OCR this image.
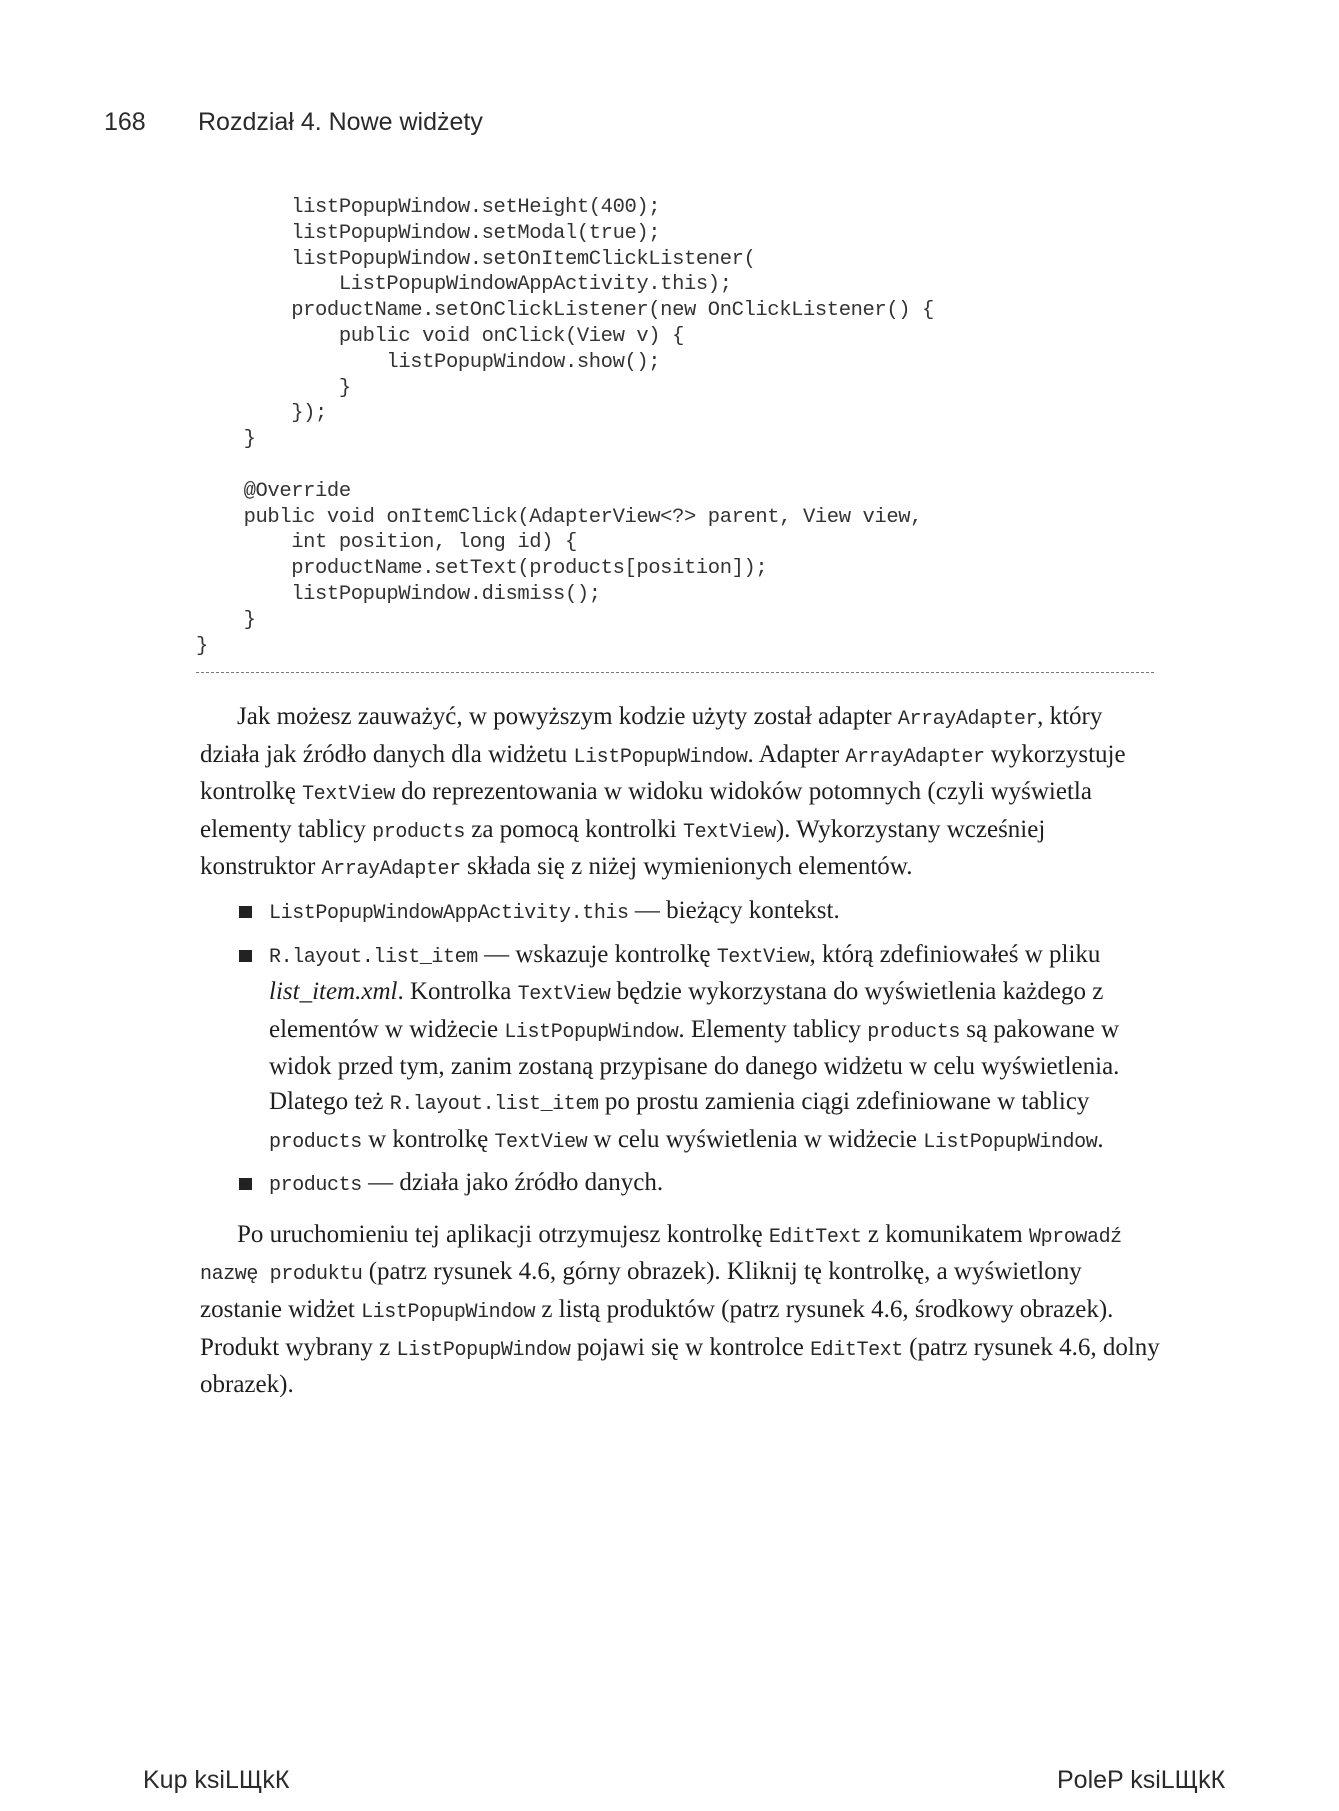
168 Rozdział 4. Nowe widżety
listPopupWindow.setHeight(400);
listPopupWindow.setModal(true);
listPopupWindow.setOnItemClickListener(
ListPopupWindowAppActivity.this);
productName.setOnClickListener(new OnClickListener() {
public void onClick(View v) {
listPopupWindow.show();
}
});
}
@Override
public void onItemClick(AdapterView<?> parent, View view,
int position, long id) {
productName.setText(products[position]);
listPopupWindow.dismiss();
}
}

Jak możesz zauważyć, w powyższym kodzie użyty został adapter ArrayAdapter, który działa jak źródło danych dla widżetu ListPopupWindow. Adapter ArrayAdapter wykorzystuje kontrolkę TextView do reprezentowania w widoku widoków potomnych (czyli wyświetla elementy tablicy products za pomocą kontrolki TextView). Wykorzystany wcześniej konstruktor ArrayAdapter składa się z niżej wymienionych elementów.

ListPopupWindowAppActivity.this — bieżący kontekst.
R.layout.list_item — wskazuje kontrolkę TextView, którą zdefiniowałeś w pliku list_item.xml. Kontrolka TextView będzie wykorzystana do wyświetlenia każdego z elementów w widżecie ListPopupWindow. Elementy tablicy products są pakowane w widok przed tym, zanim zostaną przypisane do danego widżetu w celu wyświetlenia. Dlatego też R.layout.list_item po prostu zamienia ciągi zdefiniowane w tablicy products w kontrolkę TextView w celu wyświetlenia w widżecie ListPopupWindow.
products — działa jako źródło danych.

Po uruchomieniu tej aplikacji otrzymujesz kontrolkę EditText z komunikatem Wprowadź nazwę produktu (patrz rysunek 4.6, górny obrazek). Kliknij tę kontrolkę, a wyświetlony zostanie widżet ListPopupWindow z listą produktów (patrz rysunek 4.6, środkowy obrazek). Produkt wybrany z ListPopupWindow pojawi się w kontrolce EditText (patrz rysunek 4.6, dolny obrazek).

Kup ksiLЩkК	PoleP ksiLЩkК
